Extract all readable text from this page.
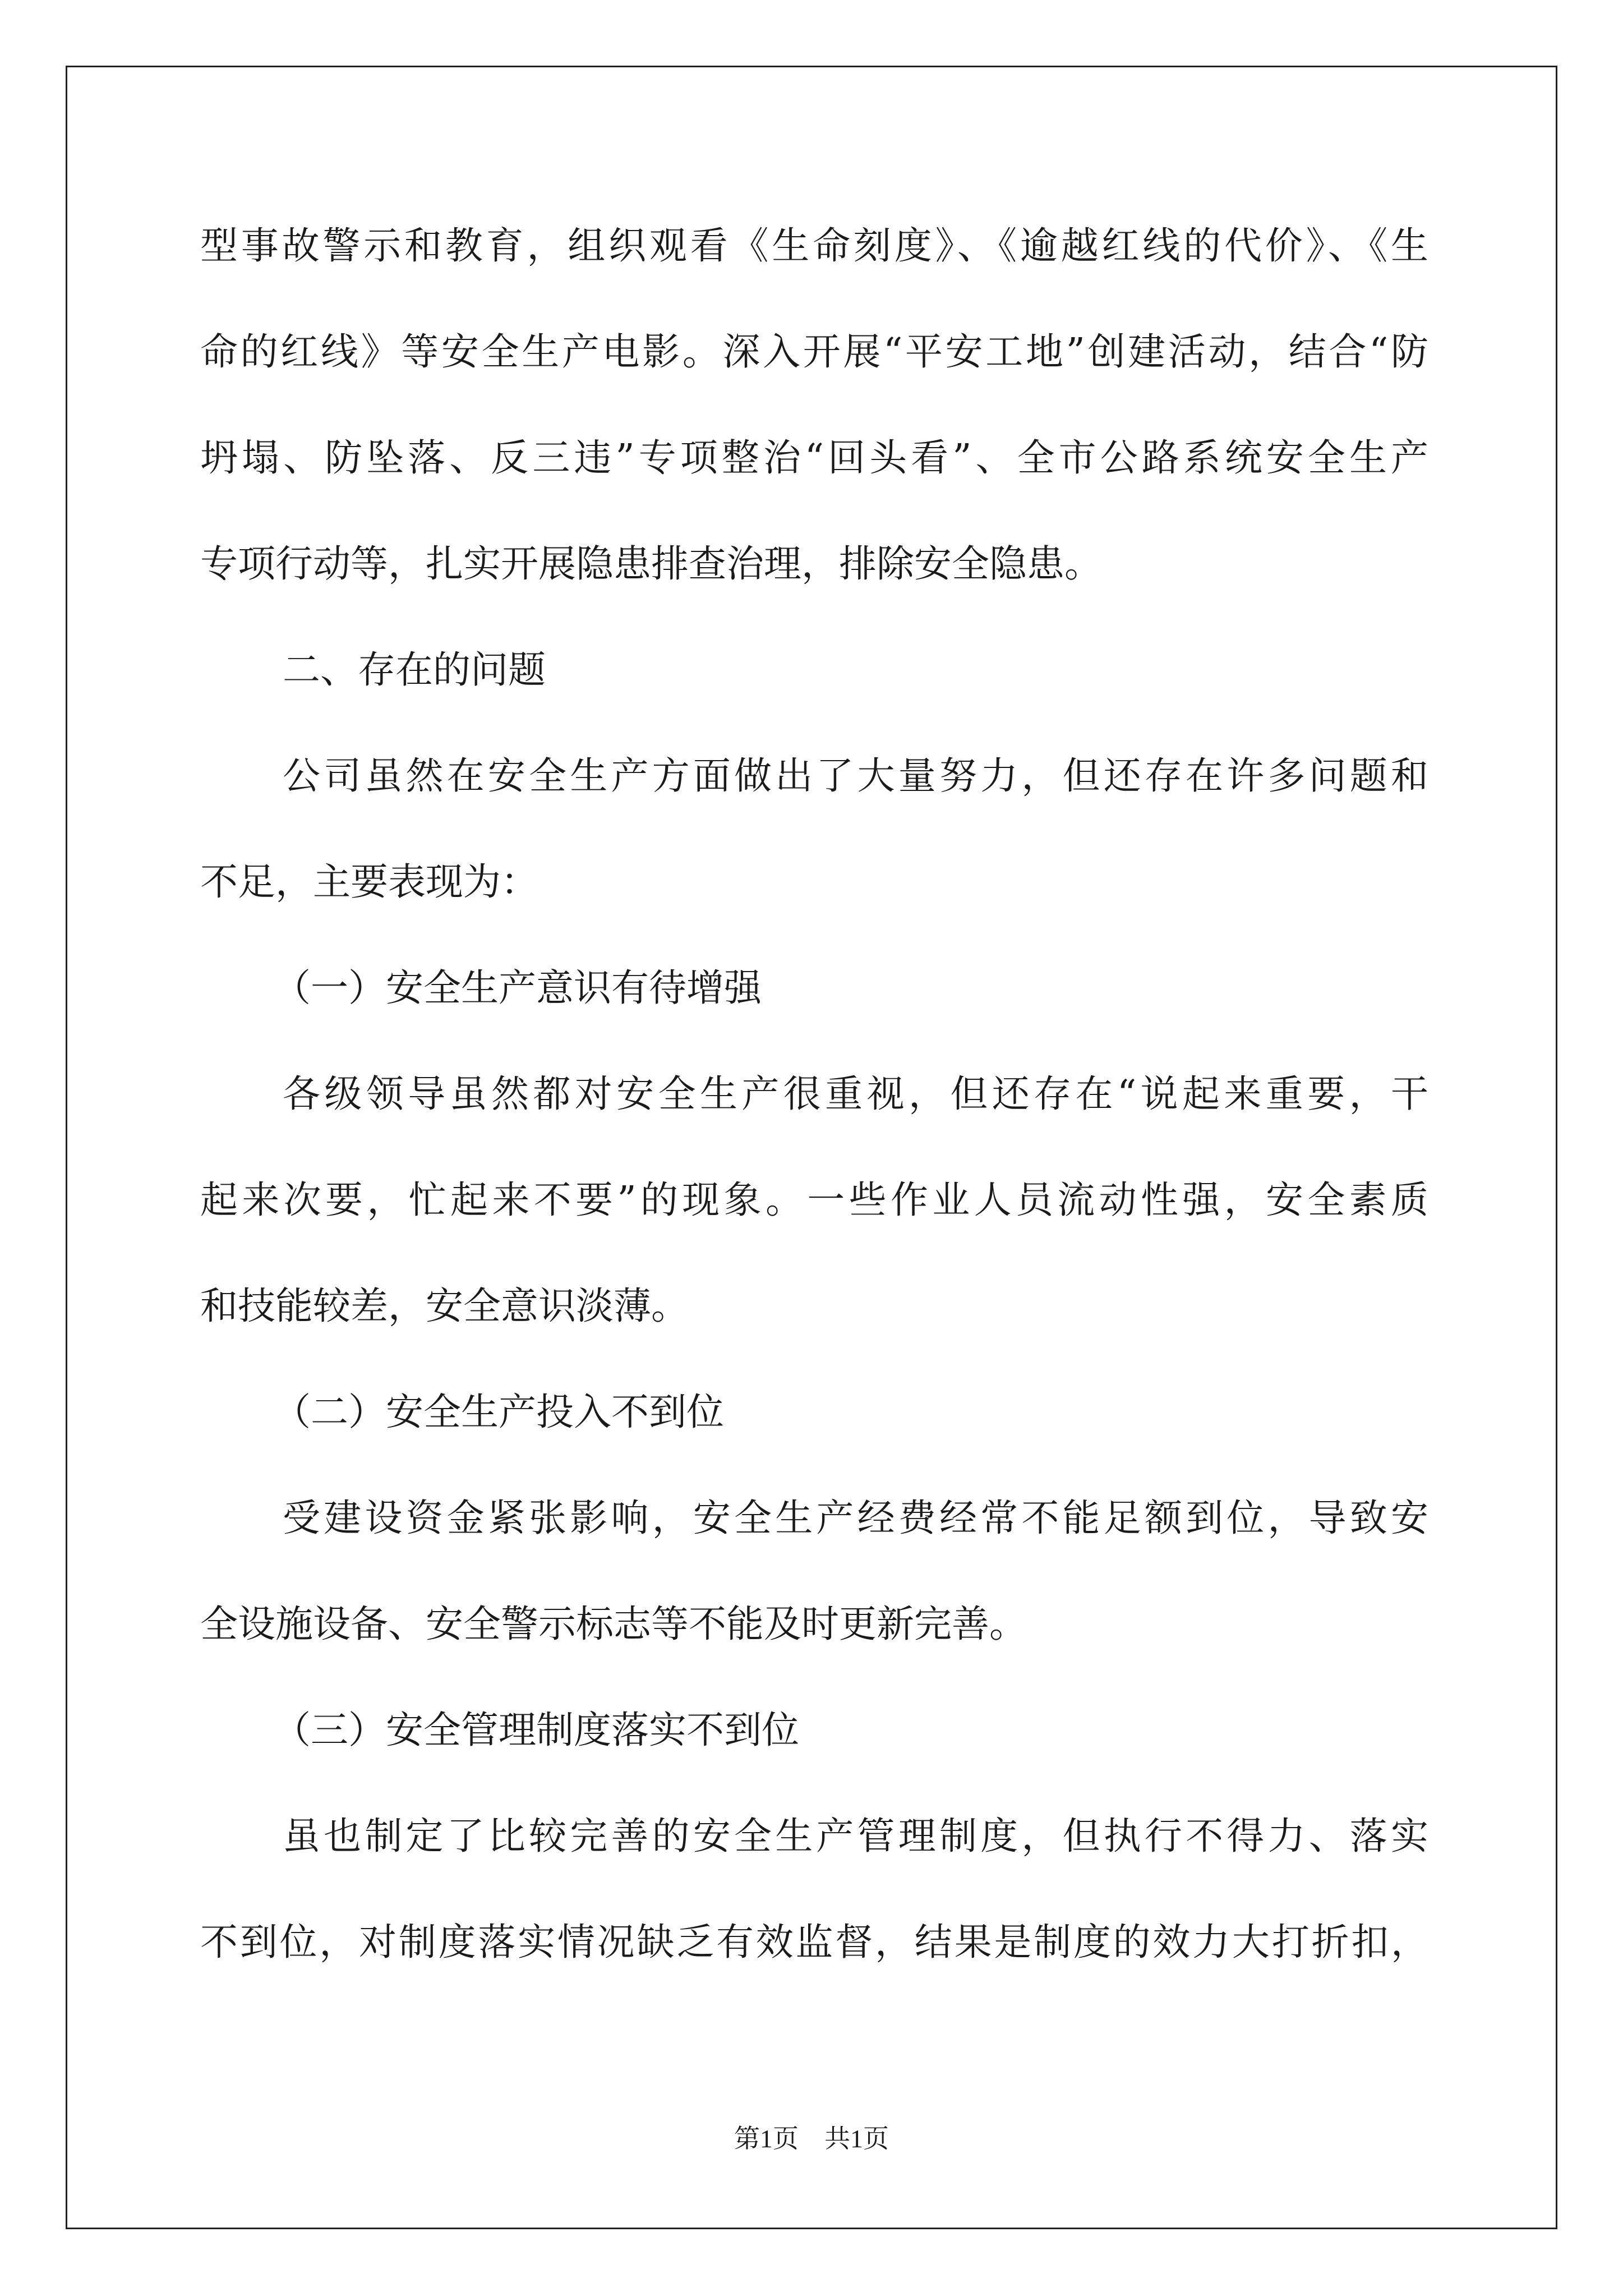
型事故警示和教育，组织观看《生命刻度》、《逾越红线的代价》、《生
命的红线》等安全生产电影。深入开展“平安工地”创建活动，结合“防
坍塌、防坠落、反三违”专项整治“回头看”、全市公路系统安全生产
专项行动等，扎实开展隐患排查治理，排除安全隐患。
二、存在的问题
公司虽然在安全生产方面做出了大量努力，但还存在许多问题和
不足，主要表现为：
（一）安全生产意识有待增强
各级领导虽然都对安全生产很重视，但还存在“说起来重要，干
起来次要，忙起来不要”的现象。一些作业人员流动性强，安全素质
和技能较差，安全意识淡薄。
（二）安全生产投入不到位
受建设资金紧张影响，安全生产经费经常不能足额到位，导致安
全设施设备、安全警示标志等不能及时更新完善。
（三）安全管理制度落实不到位
虽也制定了比较完善的安全生产管理制度，但执行不得力、落实
不到位，对制度落实情况缺乏有效监督，结果是制度的效力大打折扣，
第1页　共1页
